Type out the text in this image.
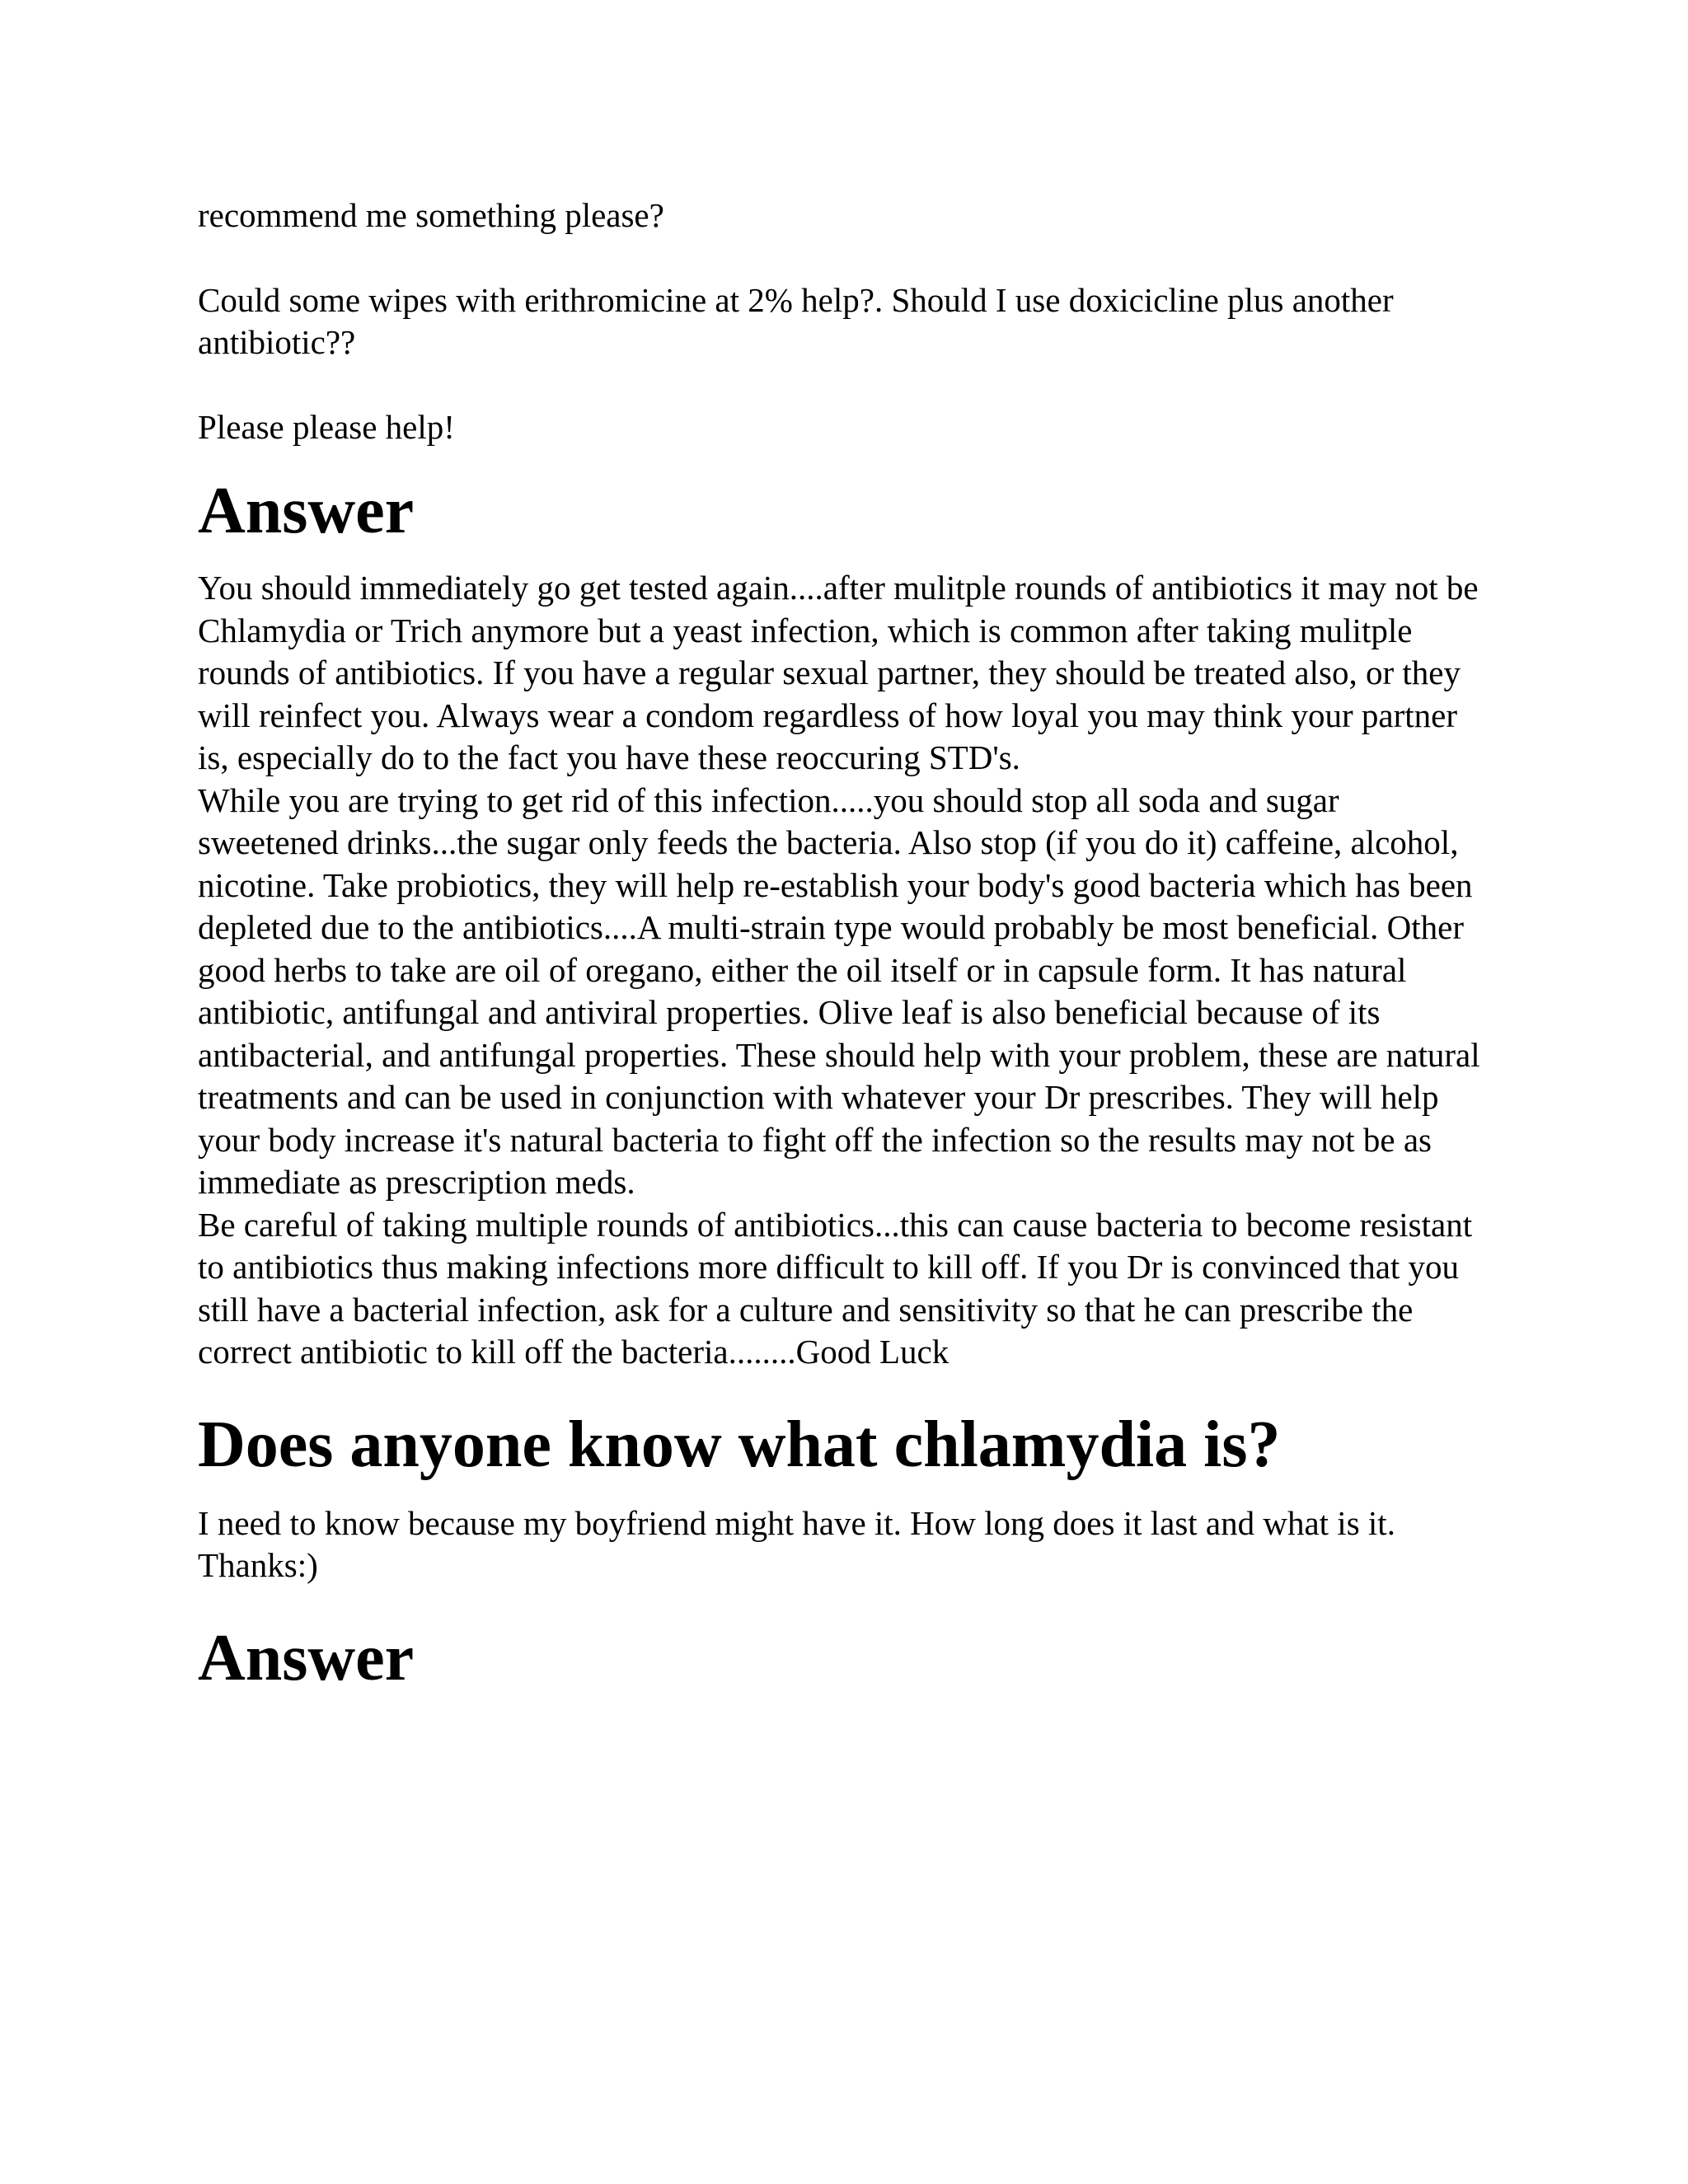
recommend me something please?

Could some wipes with erithromicine at 2% help?. Should I use doxicicline plus another antibiotic??

Please please help!

Answer

You should immediately go get tested again....after mulitple rounds of antibiotics it may not be Chlamydia or Trich anymore but a yeast infection, which is common after taking mulitple rounds of antibiotics. If you have a regular sexual partner, they should be treated also, or they will reinfect you. Always wear a condom regardless of how loyal you may think your partner is, especially do to the fact you have these reoccuring STD's.

While you are trying to get rid of this infection.....you should stop all soda and sugar sweetened drinks...the sugar only feeds the bacteria. Also stop (if you do it) caffeine, alcohol, nicotine. Take probiotics, they will help re-establish your body's good bacteria which has been depleted due to the antibiotics....A multi-strain type would probably be most beneficial. Other good herbs to take are oil of oregano, either the oil itself or in capsule form. It has natural antibiotic, antifungal and antiviral properties. Olive leaf is also beneficial because of its antibacterial, and antifungal properties. These should help with your problem, these are natural treatments and can be used in conjunction with whatever your Dr prescribes. They will help your body increase it's natural bacteria to fight off the infection so the results may not be as immediate as prescription meds.

Be careful of taking multiple rounds of antibiotics...this can cause bacteria to become resistant to antibiotics thus making infections more difficult to kill off. If you Dr is convinced that you still have a bacterial infection, ask for a culture and sensitivity so that he can prescribe the correct antibiotic to kill off the bacteria........Good Luck

Does anyone know what chlamydia is?

I need to know because my boyfriend might have it. How long does it last and what is it. Thanks:)

Answer
